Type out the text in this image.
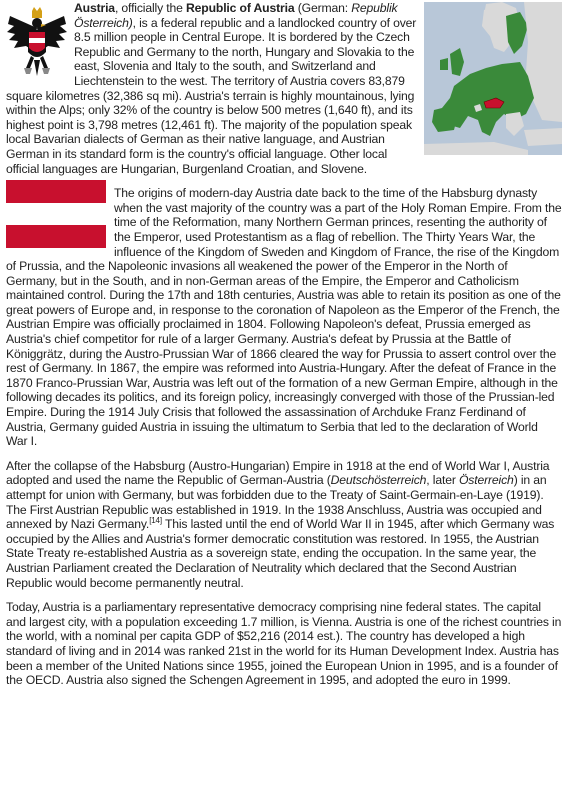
Austria, officially the Republic of Austria (German: Republik Österreich), is a federal republic and a landlocked country of over 8.5 million people in Central Europe. It is bordered by the Czech Republic and Germany to the north, Hungary and Slovakia to the east, Slovenia and Italy to the south, and Switzerland and Liechtenstein to the west. The territory of Austria covers 83,879 square kilometres (32,386 sq mi). Austria's terrain is highly mountainous, lying within the Alps; only 32% of the country is below 500 metres (1,640 ft), and its highest point is 3,798 metres (12,461 ft). The majority of the population speak local Bavarian dialects of German as their native language, and Austrian German in its standard form is the country's official language. Other local official languages are Hungarian, Burgenland Croatian, and Slovene.

The origins of modern-day Austria date back to the time of the Habsburg dynasty when the vast majority of the country was a part of the Holy Roman Empire. From the time of the Reformation, many Northern German princes, resenting the authority of the Emperor, used Protestantism as a flag of rebellion. The Thirty Years War, the influence of the Kingdom of Sweden and Kingdom of France, the rise of the Kingdom of Prussia, and the Napoleonic invasions all weakened the power of the Emperor in the North of Germany, but in the South, and in non-German areas of the Empire, the Emperor and Catholicism maintained control. During the 17th and 18th centuries, Austria was able to retain its position as one of the great powers of Europe and, in response to the coronation of Napoleon as the Emperor of the French, the Austrian Empire was officially proclaimed in 1804. Following Napoleon's defeat, Prussia emerged as Austria's chief competitor for rule of a larger Germany. Austria's defeat by Prussia at the Battle of Königgrätz, during the Austro-Prussian War of 1866 cleared the way for Prussia to assert control over the rest of Germany. In 1867, the empire was reformed into Austria-Hungary. After the defeat of France in the 1870 Franco-Prussian War, Austria was left out of the formation of a new German Empire, although in the following decades its politics, and its foreign policy, increasingly converged with those of the Prussian-led Empire. During the 1914 July Crisis that followed the assassination of Archduke Franz Ferdinand of Austria, Germany guided Austria in issuing the ultimatum to Serbia that led to the declaration of World War I.

After the collapse of the Habsburg (Austro-Hungarian) Empire in 1918 at the end of World War I, Austria adopted and used the name the Republic of German-Austria (Deutschösterreich, later Österreich) in an attempt for union with Germany, but was forbidden due to the Treaty of Saint-Germain-en-Laye (1919). The First Austrian Republic was established in 1919. In the 1938 Anschluss, Austria was occupied and annexed by Nazi Germany.[14] This lasted until the end of World War II in 1945, after which Germany was occupied by the Allies and Austria's former democratic constitution was restored. In 1955, the Austrian State Treaty re-established Austria as a sovereign state, ending the occupation. In the same year, the Austrian Parliament created the Declaration of Neutrality which declared that the Second Austrian Republic would become permanently neutral.

Today, Austria is a parliamentary representative democracy comprising nine federal states. The capital and largest city, with a population exceeding 1.7 million, is Vienna. Austria is one of the richest countries in the world, with a nominal per capita GDP of $52,216 (2014 est.). The country has developed a high standard of living and in 2014 was ranked 21st in the world for its Human Development Index. Austria has been a member of the United Nations since 1955, joined the European Union in 1995, and is a founder of the OECD. Austria also signed the Schengen Agreement in 1995, and adopted the euro in 1999.
